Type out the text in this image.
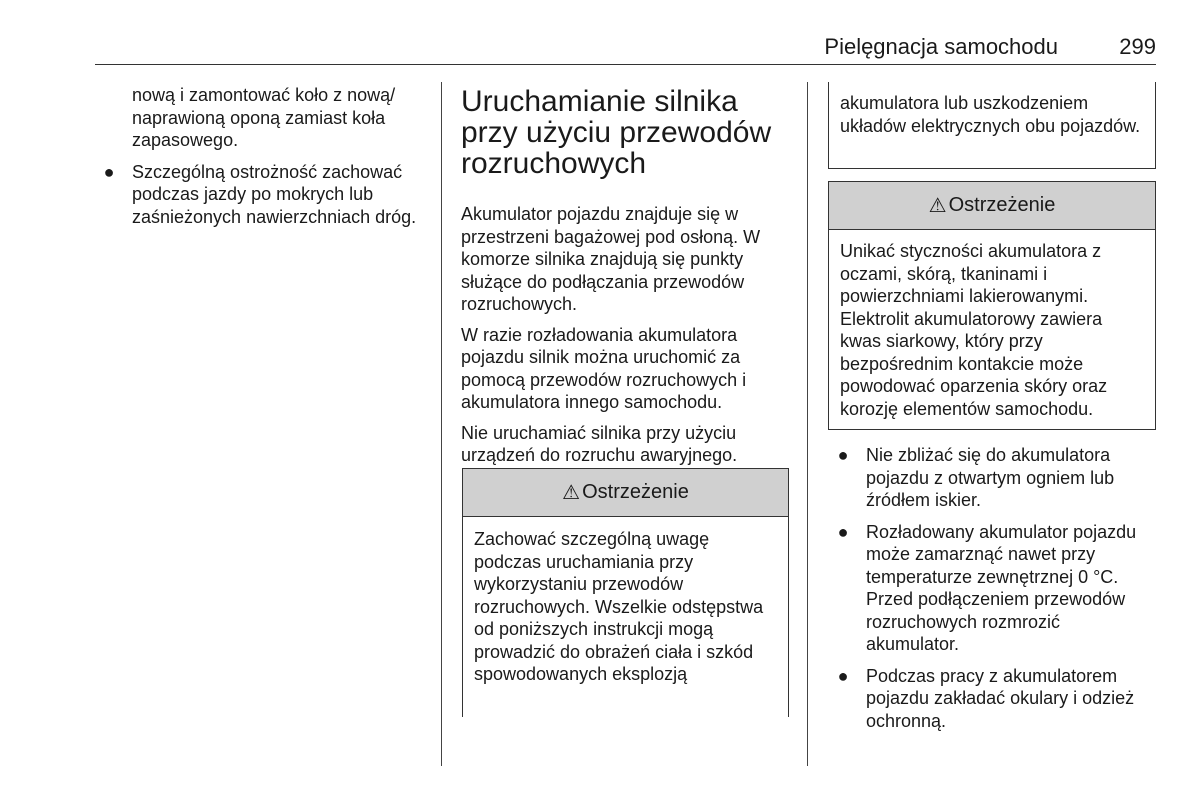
Pielęgnacja samochodu	299

nową i zamontować koło z nową/ naprawioną oponą zamiast koła zapasowego.

● Szczególną ostrożność zachować podczas jazdy po mokrych lub zaśnieżonych nawierzchniach dróg.

Uruchamianie silnika przy użyciu przewodów rozruchowych

Akumulator pojazdu znajduje się w przestrzeni bagażowej pod osłoną. W komorze silnika znajdują się punkty służące do podłączania przewodów rozruchowych.

W razie rozładowania akumulatora pojazdu silnik można uruchomić za pomocą przewodów rozruchowych i akumulatora innego samochodu.

Nie uruchamiać silnika przy użyciu urządzeń do rozruchu awaryjnego.

⚠ Ostrzeżenie

Zachować szczególną uwagę podczas uruchamiania przy wykorzystaniu przewodów rozruchowych. Wszelkie odstępstwa od poniższych instrukcji mogą prowadzić do obrażeń ciała i szkód spowodowanych eksplozją

akumulatora lub uszkodzeniem układów elektrycznych obu pojazdów.

⚠ Ostrzeżenie

Unikać styczności akumulatora z oczami, skórą, tkaninami i powierzchniami lakierowanymi. Elektrolit akumulatorowy zawiera kwas siarkowy, który przy bezpośrednim kontakcie może powodować oparzenia skóry oraz korozję elementów samochodu.

● Nie zbliżać się do akumulatora pojazdu z otwartym ogniem lub źródłem iskier.

● Rozładowany akumulator pojazdu może zamarznąć nawet przy temperaturze zewnętrznej 0 °C. Przed podłączeniem przewodów rozruchowych rozmrozić akumulator.

● Podczas pracy z akumulatorem pojazdu zakładać okulary i odzież ochronną.
